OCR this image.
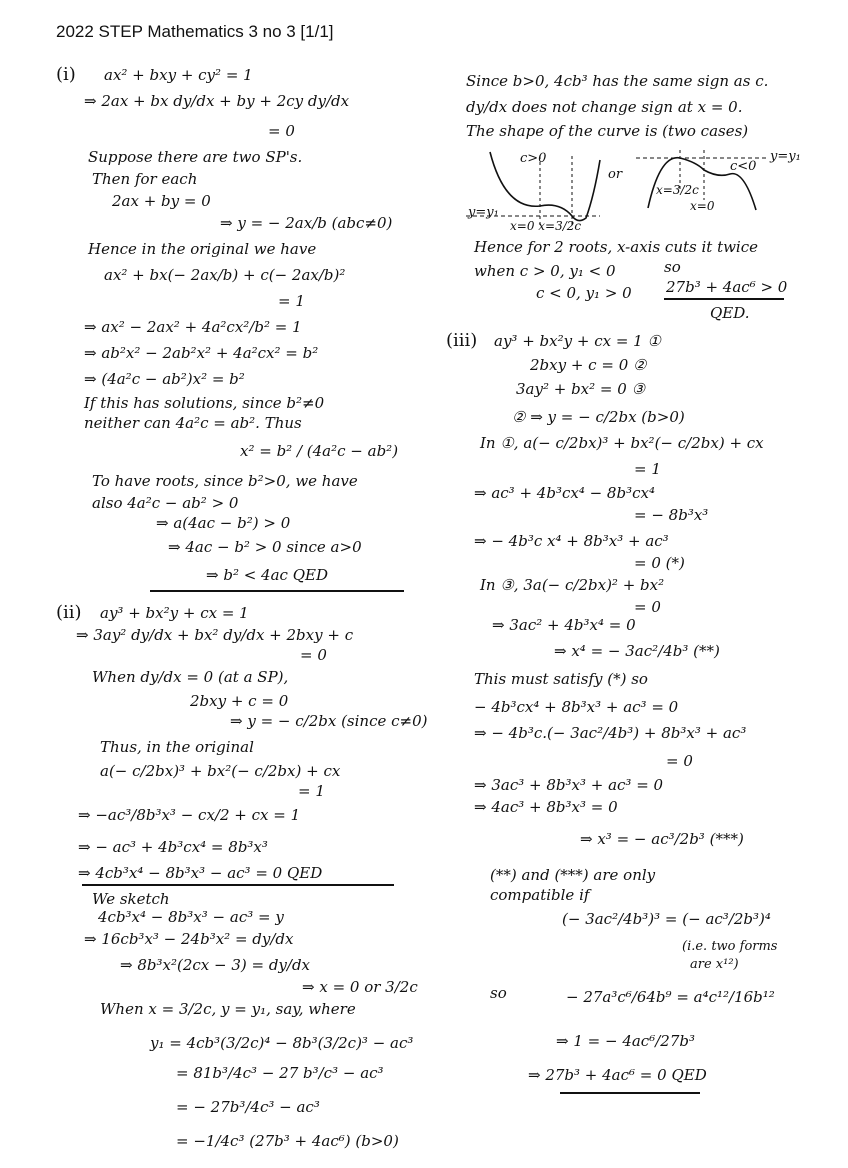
2022 STEP Mathematics 3 no 3 [1/1]
(i) ax² + bxy + cy² = 1
⇒ 2ax + bx dy/dx + by + 2cy dy/dx
= 0
Suppose there are two SP's.
Then for each
2ax + by = 0
⇒ y = − 2ax/b (abc≠0)
Hence in the original we have
ax² + bx(− 2ax/b) + c(− 2ax/b)²
= 1
⇒ ax² − 2ax² + 4a²cx²/b² = 1
⇒ ab²x² − 2ab²x² + 4a²cx² = b²
⇒ (4a²c − ab²)x² = b²
If this has solutions, since b²≠0
neither can 4a²c = ab². Thus
x² = b² / (4a²c − ab²)
To have roots, since b²>0, we have
also 4a²c − ab² > 0
⇒ a(4ac − b²) > 0
⇒ 4ac − b² > 0 since a>0
⇒ b² < 4ac QED
(ii) ay³ + bx²y + cx = 1
⇒ 3ay² dy/dx + bx² dy/dx + 2bxy + c
= 0
When dy/dx = 0 (at a SP),
2bxy + c = 0
⇒ y = − c/2bx (since c≠0)
Thus, in the original
a(− c/2bx)³ + bx²(− c/2bx) + cx
= 1
⇒ −ac³/8b³x³ − cx/2 + cx = 1
⇒ − ac³ + 4b³cx⁴ = 8b³x³
⇒ 4cb³x⁴ − 8b³x³ − ac³ = 0 QED
We sketch
4cb³x⁴ − 8b³x³ − ac³ = y
⇒ 16cb³x³ − 24b³x² = dy/dx
⇒ 8b³x²(2cx − 3) = dy/dx
⇒ x = 0 or 3/2c
When x = 3/2c, y = y₁, say, where
y₁ = 4cb³(3/2c)⁴ − 8b³(3/2c)³ − ac³
= 81b³/4c³ − 27 b³/c³ − ac³
= − 27b³/4c³ − ac³
= −1/4c³ (27b³ + 4ac⁶) (b>0)
Since b>0, 4cb³ has the same sign as c.
dy/dx does not change sign at x = 0.
The shape of the curve is (two cases)
c>0
or
c<0
y=y₁
x=3/2c
x=0
y=y₁
x=0 x=3/2c
Hence for 2 roots, x-axis cuts it twice
when c > 0, y₁ < 0
c < 0, y₁ > 0
so
27b³ + 4ac⁶ > 0
QED.
(iii) ay³ + bx²y + cx = 1 ①
2bxy + c = 0 ②
3ay² + bx² = 0 ③
② ⇒ y = − c/2bx (b>0)
In ①, a(− c/2bx)³ + bx²(− c/2bx) + cx
= 1
⇒ ac³ + 4b³cx⁴ − 8b³cx⁴
= − 8b³x³
⇒ − 4b³c x⁴ + 8b³x³ + ac³
= 0 (*)
In ③, 3a(− c/2bx)² + bx²
= 0
⇒ 3ac² + 4b³x⁴ = 0
⇒ x⁴ = − 3ac²/4b³ (**)
This must satisfy (*) so
− 4b³cx⁴ + 8b³x³ + ac³ = 0
⇒ − 4b³c.(− 3ac²/4b³) + 8b³x³ + ac³
= 0
⇒ 3ac³ + 8b³x³ + ac³ = 0
⇒ 4ac³ + 8b³x³ = 0
⇒ x³ = − ac³/2b³ (***)
(**) and (***) are only
compatible if
(− 3ac²/4b³)³ = (− ac³/2b³)⁴
(i.e. two forms
are x¹²)
so	− 27a³c⁶/64b⁹ = a⁴c¹²/16b¹²
⇒ 1 = − 4ac⁶/27b³
⇒ 27b³ + 4ac⁶ = 0 QED
